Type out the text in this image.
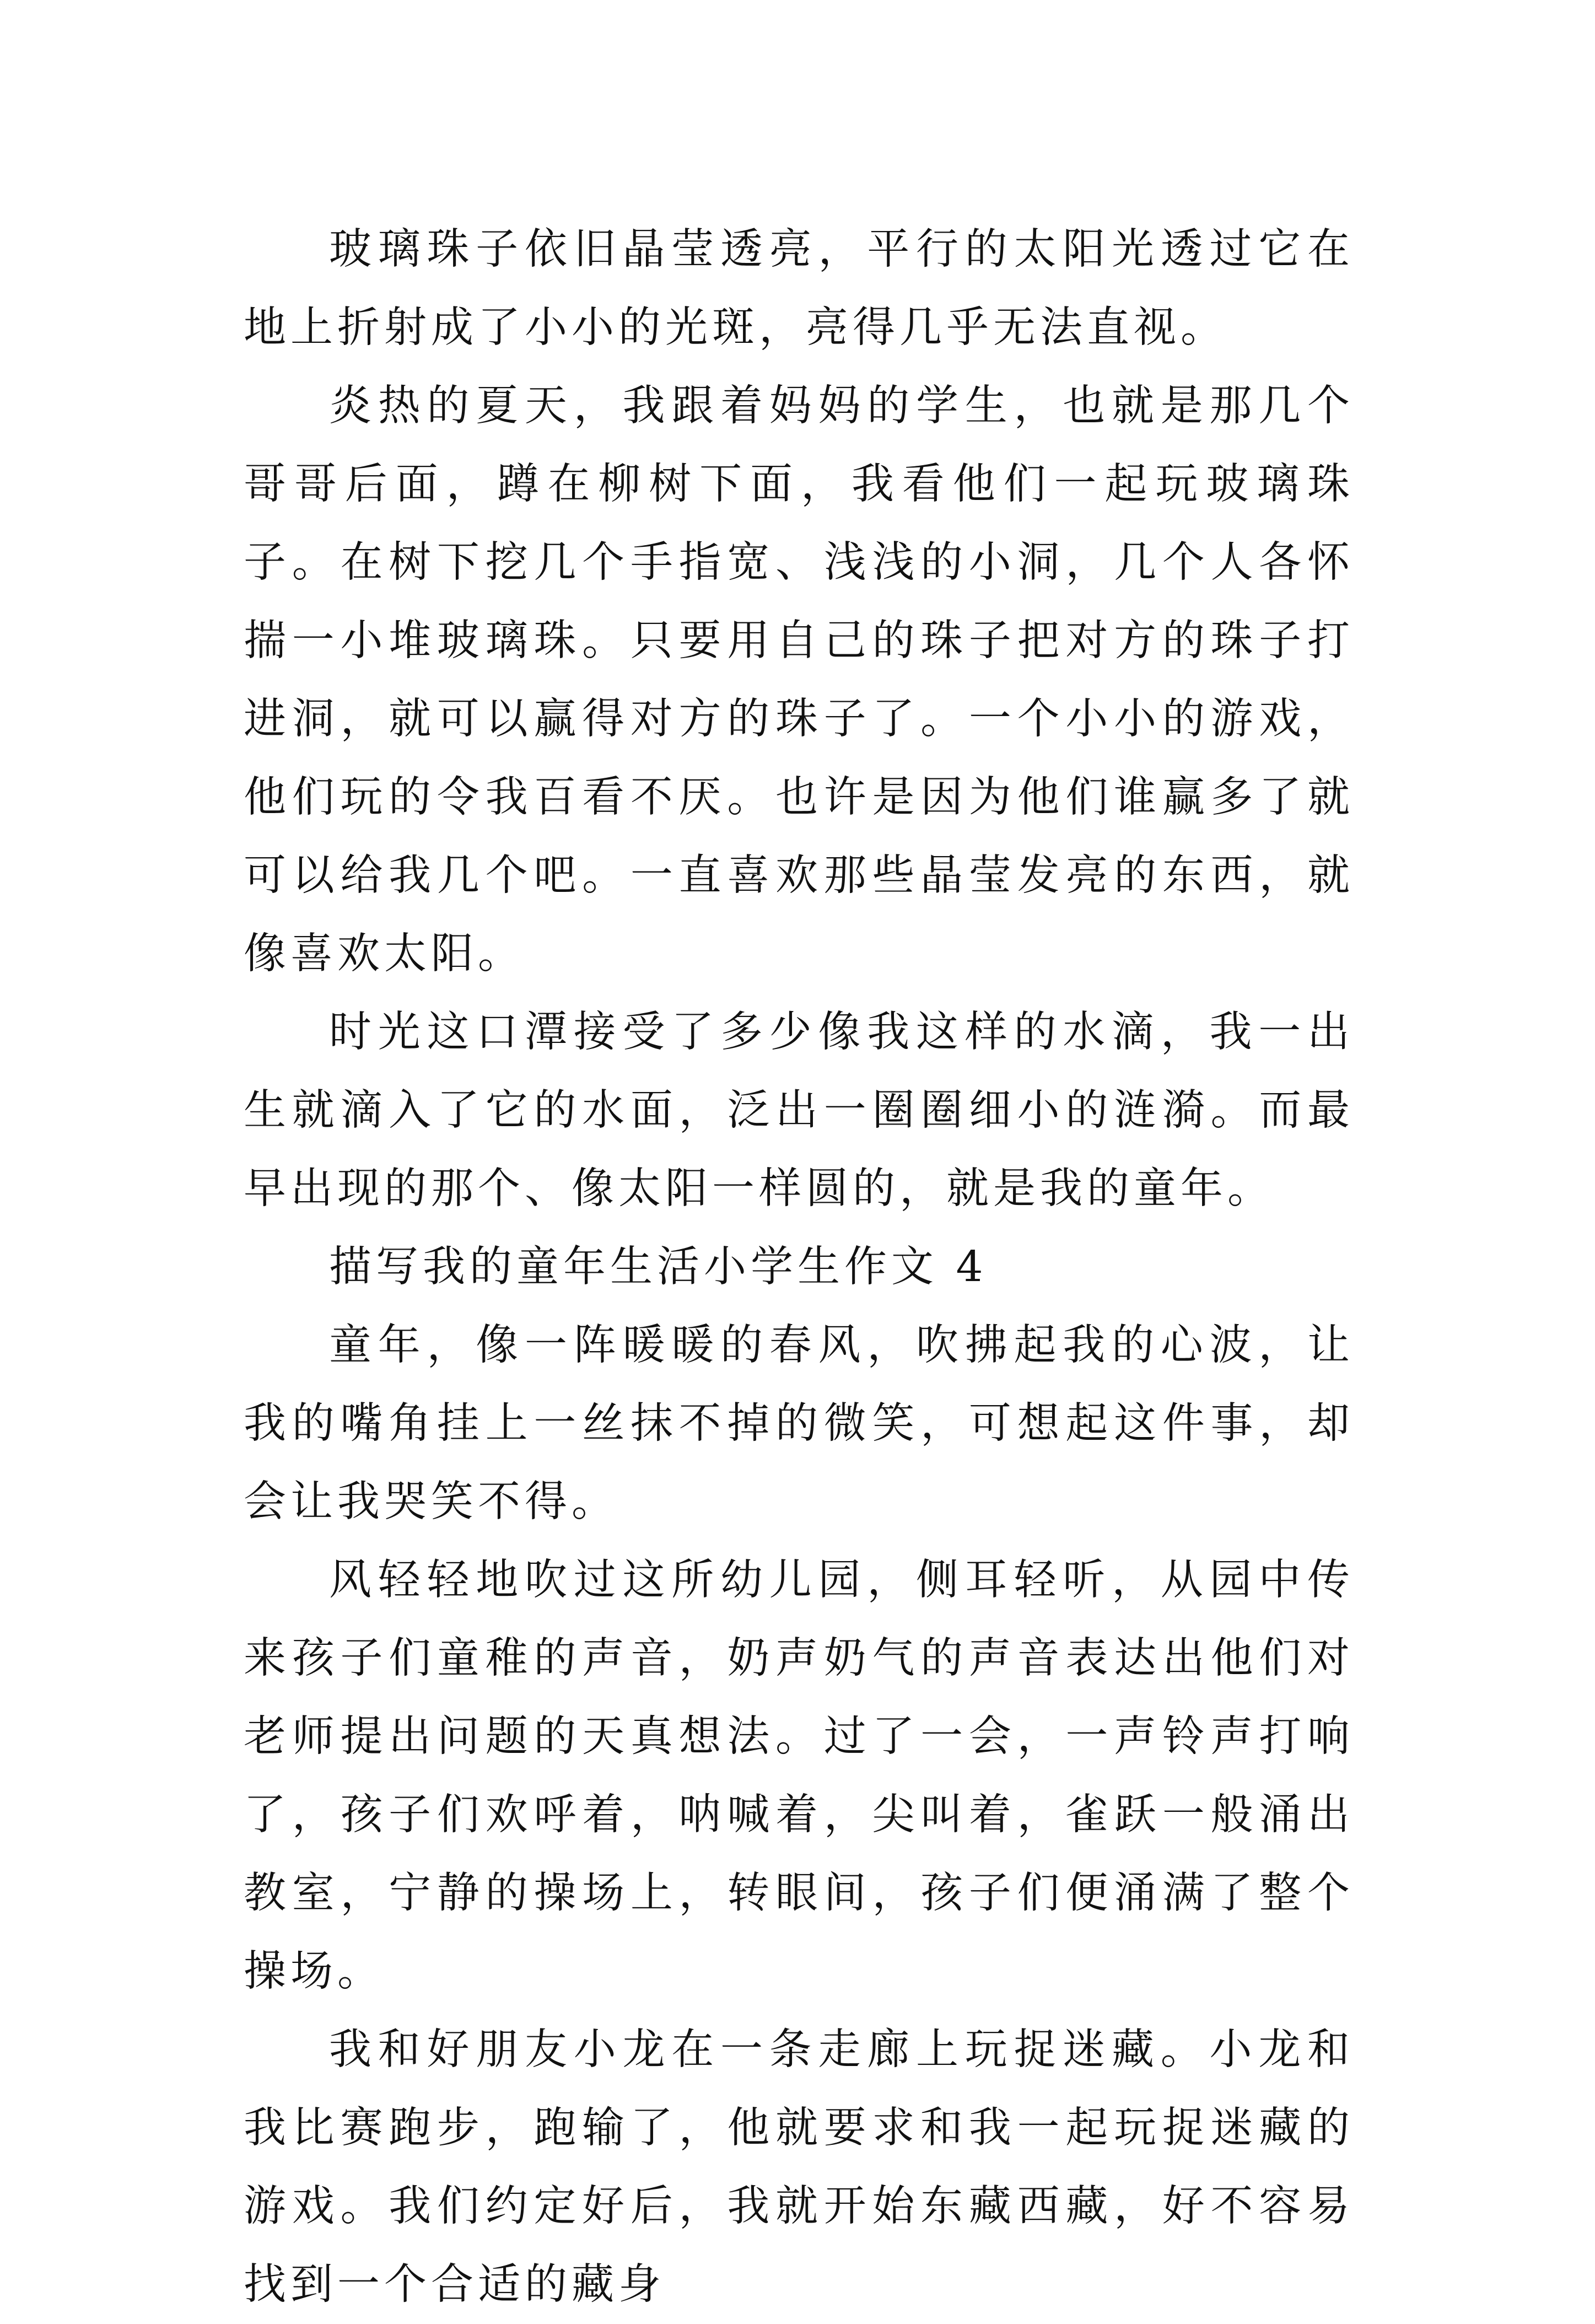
玻璃珠子依旧晶莹透亮，平行的太阳光透过它在地上折射成了小小的光斑，亮得几乎无法直视。

炎热的夏天，我跟着妈妈的学生，也就是那几个哥哥后面，蹲在柳树下面，我看他们一起玩玻璃珠子。在树下挖几个手指宽、浅浅的小洞，几个人各怀揣一小堆玻璃珠。只要用自己的珠子把对方的珠子打进洞，就可以赢得对方的珠子了。一个小小的游戏，他们玩的令我百看不厌。也许是因为他们谁赢多了就可以给我几个吧。一直喜欢那些晶莹发亮的东西，就像喜欢太阳。

时光这口潭接受了多少像我这样的水滴，我一出生就滴入了它的水面，泛出一圈圈细小的涟漪。而最早出现的那个、像太阳一样圆的，就是我的童年。

描写我的童年生活小学生作文 4

童年，像一阵暖暖的春风，吹拂起我的心波，让我的嘴角挂上一丝抹不掉的微笑，可想起这件事，却会让我哭笑不得。

风轻轻地吹过这所幼儿园，侧耳轻听，从园中传来孩子们童稚的声音，奶声奶气的声音表达出他们对老师提出问题的天真想法。过了一会，一声铃声打响了，孩子们欢呼着，呐喊着，尖叫着，雀跃一般涌出教室，宁静的操场上，转眼间，孩子们便涌满了整个操场。

我和好朋友小龙在一条走廊上玩捉迷藏。小龙和我比赛跑步，跑输了，他就要求和我一起玩捉迷藏的游戏。我们约定好后，我就开始东藏西藏，好不容易找到一个合适的藏身
